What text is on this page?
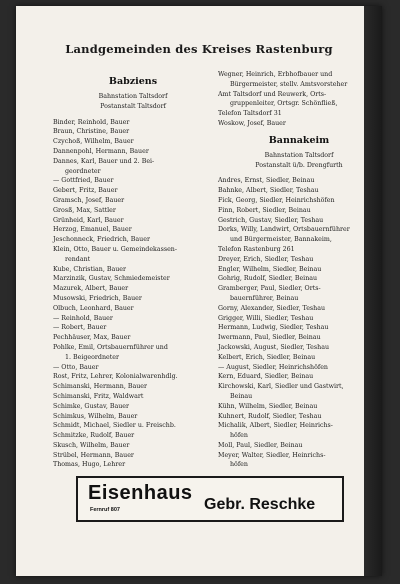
Landgemeinden des Kreises Rastenburg
Babziens
Bahnstation Taltsdorf
Postanstalt Taltsdorf
Binder, Reinhold, Bauer
Braun, Christine, Bauer
Czychoß, Wilhelm, Bauer
Dannenpohl, Hermann, Bauer
Dannes, Karl, Bauer und 2. Bei-
geordneter
— Gottfried, Bauer
Gebert, Fritz, Bauer
Gramsch, Josef, Bauer
Grosß, Max, Sattler
Grünheid, Karl, Bauer
Herzog, Emanuel, Bauer
Jeschonneck, Friedrich, Bauer
Klein, Otto, Bauer u. Gemeindekassen-
rendant
Kube, Christian, Bauer
Marzinzik, Gustav, Schmiedemeister
Mazurek, Albert, Bauer
Musowski, Friedrich, Bauer
Olbuch, Leonhard, Bauer
— Reinhold, Bauer
— Robert, Bauer
Pechhäuser, Max, Bauer
Pohlke, Emil, Ortsbauernführer und
1. Beigeordneter
— Otto, Bauer
Rost, Fritz, Lehrer, Kolonialwarenhdlg.
Schimanski, Hermann, Bauer
Schimanski, Fritz, Waldwart
Schimke, Gustav, Bauer
Schimkus, Wilhelm, Bauer
Schmidt, Michael, Siedler u. Freischb.
Schmitzke, Rudolf, Bauer
Skusch, Wilhelm, Bauer
Strübel, Hermann, Bauer
Thomas, Hugo, Lehrer
Wegner, Heinrich, Erbhofbauer und
Bürgermeister, stellv. Amtsvorsteher
Amt Taltsdorf und Reuwerk, Orts-
gruppenleiter, Ortsgr. Schönfließ,
Telefon Taltsdorf 31
Woskow, Josef, Bauer
Bannakeim
Bahnstation Taltsdorf
Postanstalt ü/b. Drengfurth
Andres, Ernst, Siedler, Beinau
Bahnke, Albert, Siedler, Teshau
Fick, Georg, Siedler, Heinrichshöfen
Finn, Robert, Siedler, Beinau
Gestrich, Gustav, Siedler, Teshau
Dorks, Willy, Landwirt, Ortsbauernführer
und Bürgermeister, Bannakeim,
Telefon Rastenburg 261
Dreyer, Erich, Siedler, Teshau
Engler, Wilhelm, Siedler, Beinau
Gohrig, Rudolf, Siedler, Beinau
Gramberger, Paul, Siedler, Orts-
bauernführer, Beinau
Gorny, Alexander, Siedler, Teshau
Grigger, Willi, Siedler, Teshau
Hermann, Ludwig, Siedler, Teshau
Iwermann, Paul, Siedler, Beinau
Jackowski, August, Siedler, Teshau
Kelbert, Erich, Siedler, Beinau
— August, Siedler, Heinrichshöfen
Kern, Eduard, Siedler, Beinau
Kirchowski, Karl, Siedler und Gastwirt,
Beinau
Kühn, Wilhelm, Siedler, Beinau
Kuhnert, Rudolf, Siedler, Teshau
Michalik, Albert, Siedler, Heinrichs-
höfen
Moll, Paul, Siedler, Beinau
Meyer, Walter, Siedler, Heinrichs-
höfen
Eisenhaus
Fernruf 807	Gebr. Reschke
